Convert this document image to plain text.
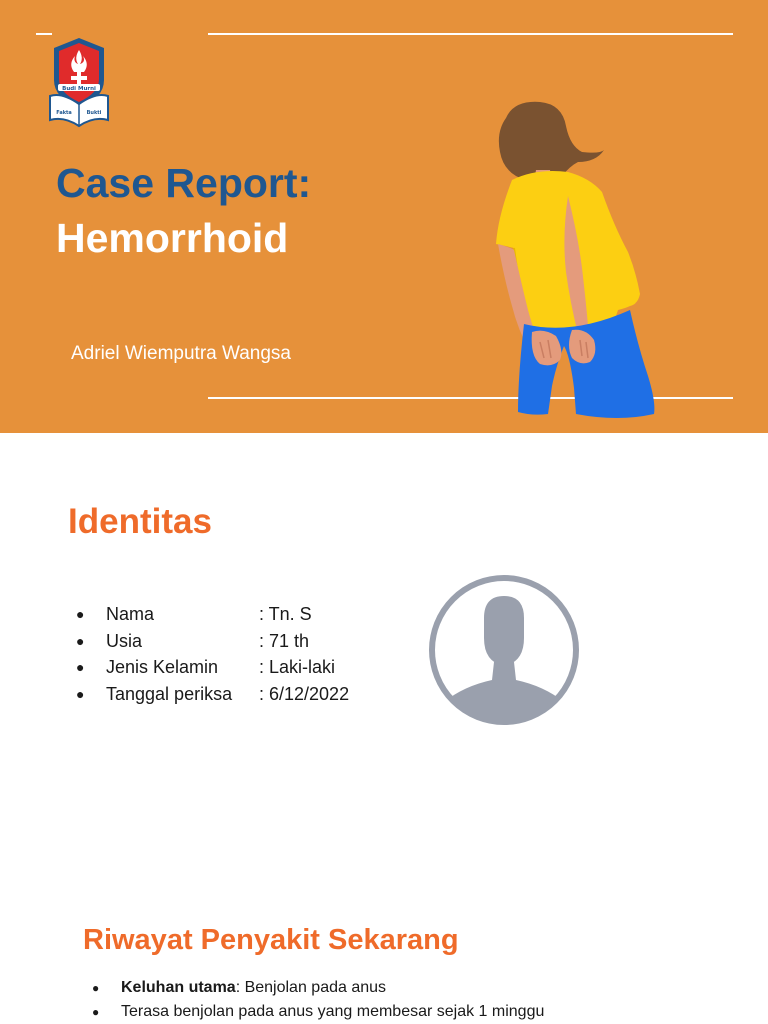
Budi Murni
Fakta	Bukti
Case Report:
Hemorrhoid
Adriel Wiemputra Wangsa
Identitas
● Nama	: Tn. S
● Usia	: 71 th
● Jenis Kelamin : Laki-laki
● Tanggal periksa : 6/12/2022
Riwayat Penyakit Sekarang
● Keluhan utama: Benjolan pada anus
● Terasa benjolan pada anus yang membesar sejak 1 minggu
